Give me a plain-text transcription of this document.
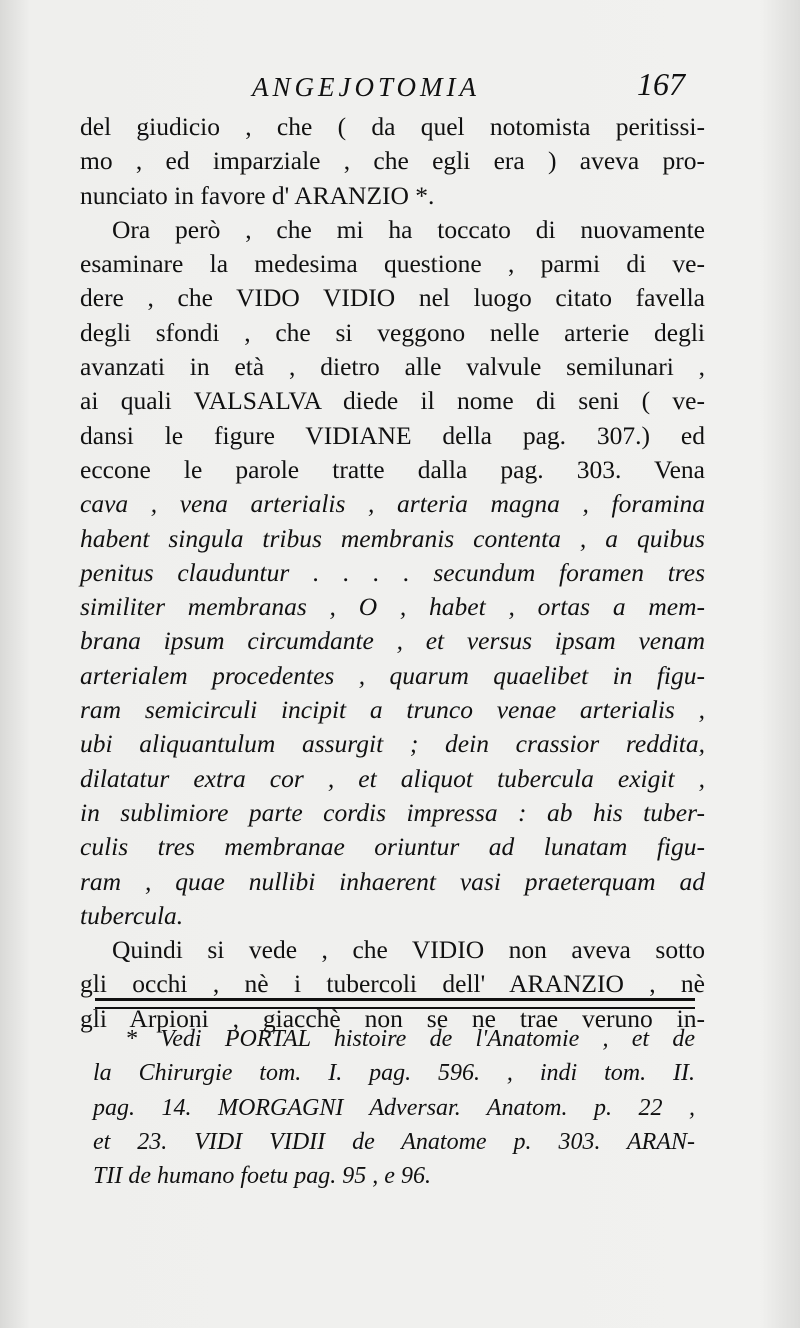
ANGEJOTOMIA	167
del giudicio , che ( da quel notomista peritissi-
mo , ed imparziale , che egli era ) aveva pro-
nunciato in favore d' ARANZIO *.
Ora però , che mi ha toccato di nuovamente
esaminare la medesima questione , parmi di ve-
dere , che VIDO VIDIO nel luogo citato favella
degli sfondi , che si veggono nelle arterie degli
avanzati in età , dietro alle valvule semilunari ,
ai quali VALSALVA diede il nome di seni ( ve-
dansi le figure VIDIANE della pag. 307.) ed
eccone le parole tratte dalla pag. 303. Vena
cava , vena arterialis , arteria magna , foramina
habent singula tribus membranis contenta , a quibus
penitus clauduntur . . . . secundum foramen tres
similiter membranas , O , habet , ortas a mem-
brana ipsum circumdante , et versus ipsam venam
arterialem procedentes , quarum quaelibet in figu-
ram semicirculi incipit a trunco venae arterialis ,
ubi aliquantulum assurgit ; dein crassior reddita,
dilatatur extra cor , et aliquot tubercula exigit ,
in sublimiore parte cordis impressa : ab his tuber-
culis tres membranae oriuntur ad lunatam figu-
ram , quae nullibi inhaerent vasi praeterquam ad
tubercula.
Quindi si vede , che VIDIO non aveva sotto
gli occhi , nè i tubercoli dell' ARANZIO , nè
gli Arpioni , giacchè non se ne trae veruno in-
* Vedi PORTAL histoire de l'Anatomie , et de
la Chirurgie tom. I. pag. 596. , indi tom. II.
pag. 14. MORGAGNI Adversar. Anatom. p. 22 ,
et 23. VIDI VIDII de Anatome p. 303. ARAN-
TII de humano foetu pag. 95 , e 96.
